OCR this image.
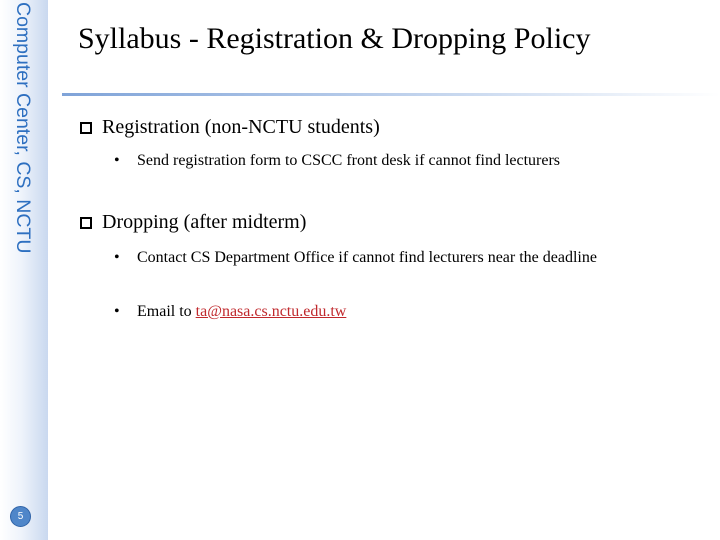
Computer Center, CS, NCTU
5
Syllabus - Registration & Dropping Policy
Registration (non-NCTU students)
• Send registration form to CSCC front desk if cannot find lecturers
Dropping (after midterm)
• Contact CS Department Office if cannot find lecturers near the deadline
• Email to ta@nasa.cs.nctu.edu.tw
